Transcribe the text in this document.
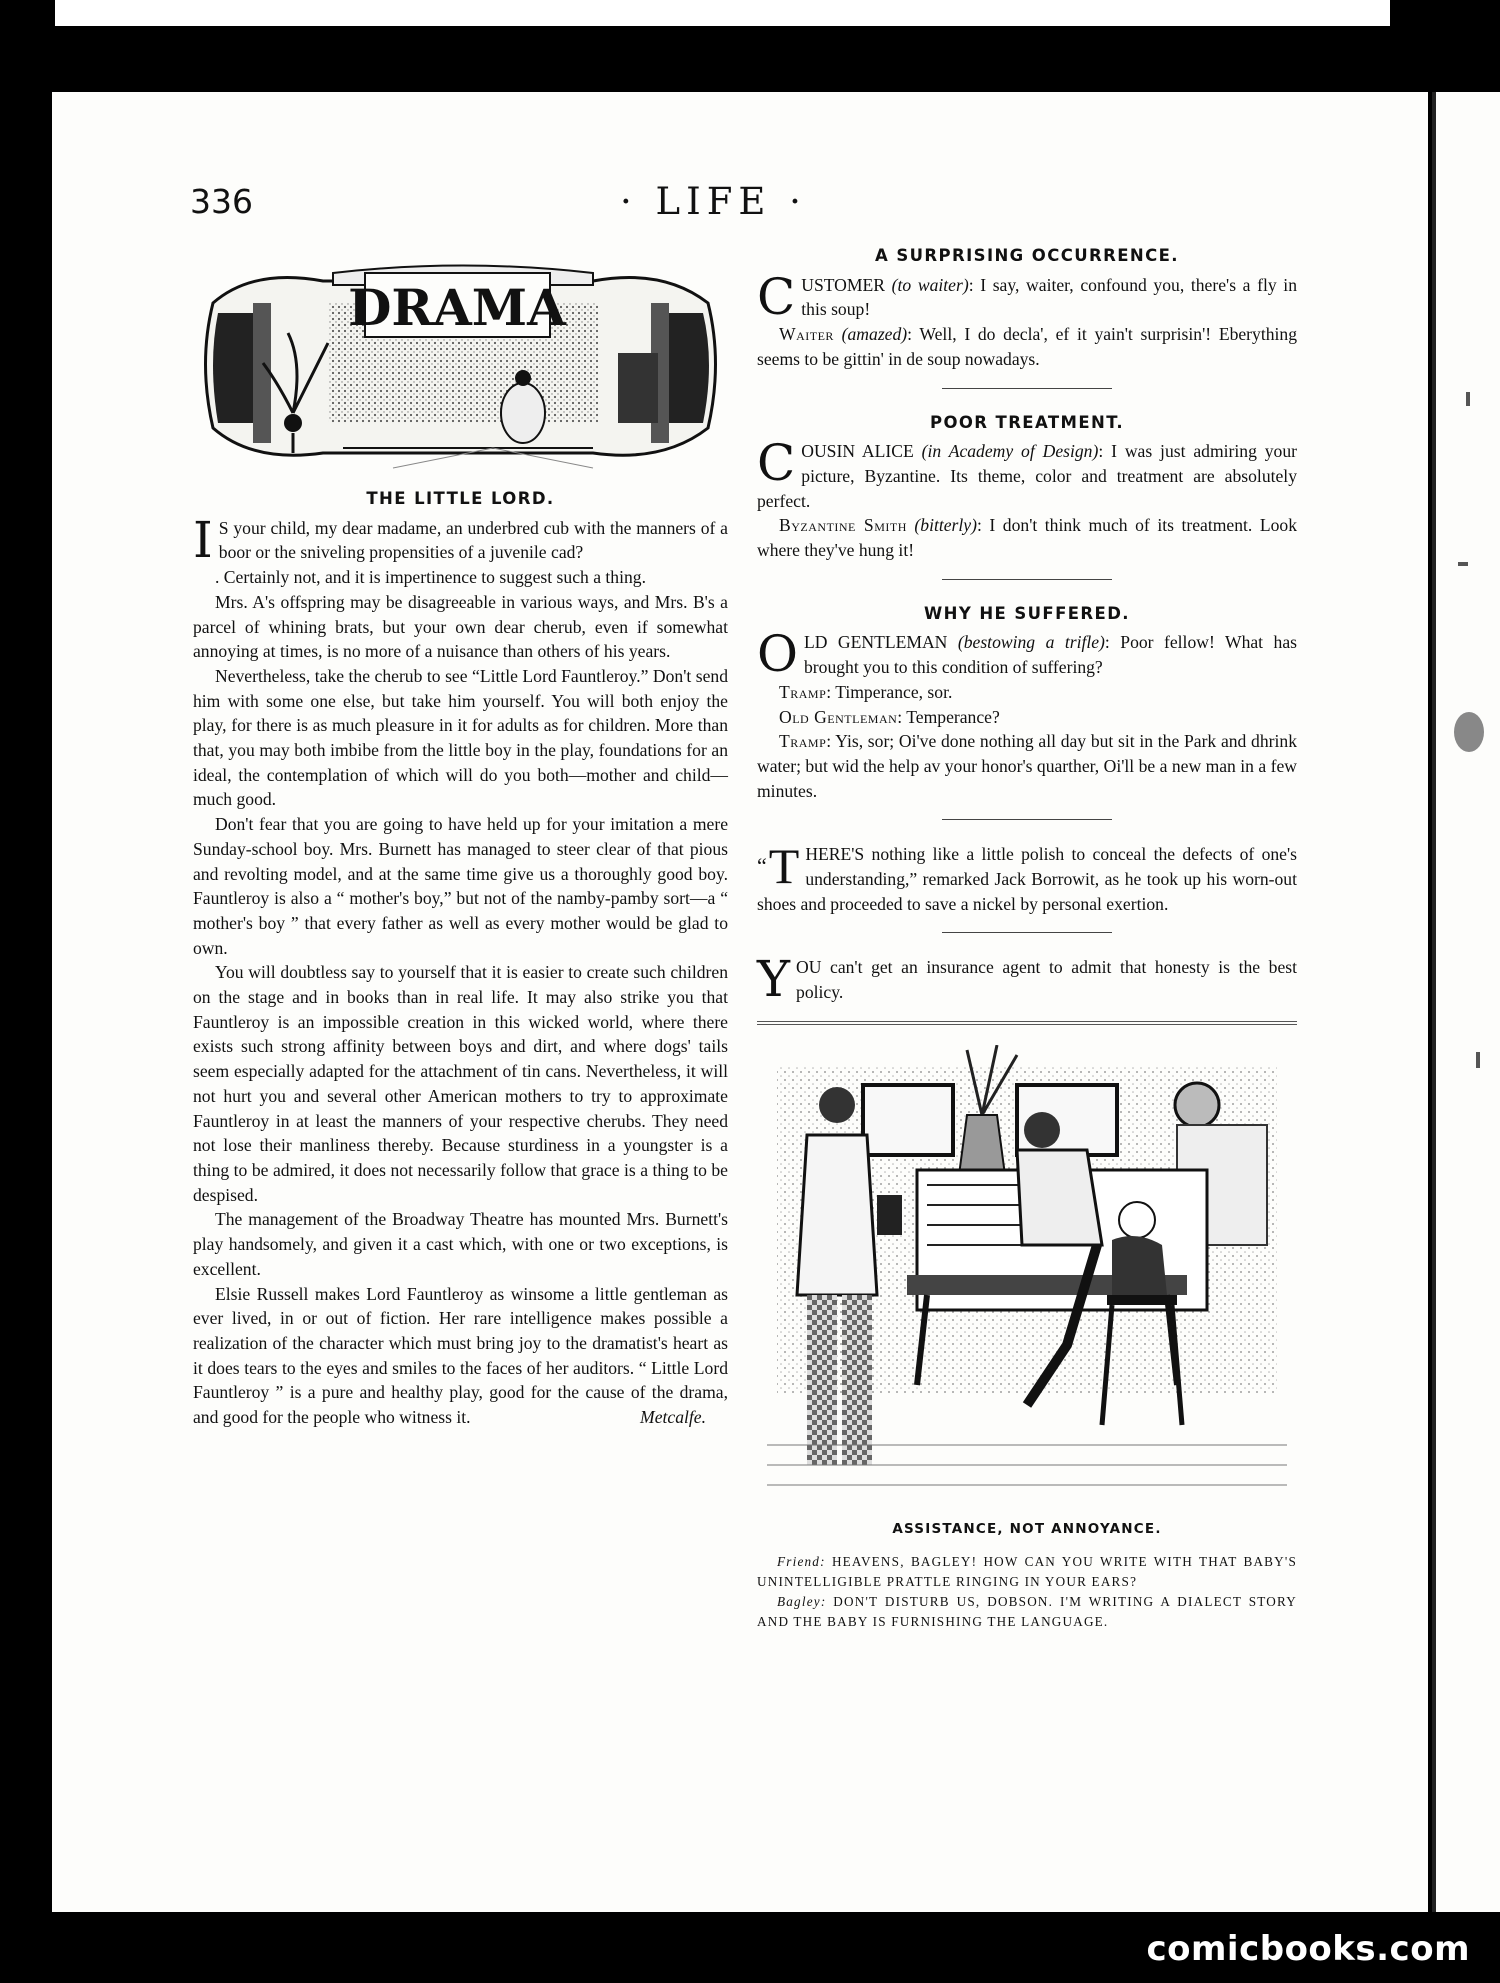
336	· LIFE ·
DRAMA
THE LITTLE LORD.

I S your child, my dear madame, an underbred cub with the manners of a boor or the sniveling propensities of a juvenile cad?

. Certainly not, and it is impertinence to suggest such a thing.

Mrs. A's offspring may be disagreeable in various ways, and Mrs. B's a parcel of whining brats, but your own dear cherub, even if somewhat annoying at times, is no more of a nuisance than others of his years.

Nevertheless, take the cherub to see “Little Lord Fauntleroy.” Don't send him with some one else, but take him yourself. You will both enjoy the play, for there is as much pleasure in it for adults as for children. More than that, you may both imbibe from the little boy in the play, foundations for an ideal, the contemplation of which will do you both—mother and child—much good.

Don't fear that you are going to have held up for your imitation a mere Sunday-school boy. Mrs. Burnett has managed to steer clear of that pious and revolting model, and at the same time give us a thoroughly good boy. Fauntleroy is also a “ mother's boy,” but not of the namby-pamby sort—a “ mother's boy ” that every father as well as every mother would be glad to own.

You will doubtless say to yourself that it is easier to create such children on the stage and in books than in real life. It may also strike you that Fauntleroy is an impossible creation in this wicked world, where there exists such strong affinity between boys and dirt, and where dogs' tails seem especially adapted for the attachment of tin cans. Nevertheless, it will not hurt you and several other American mothers to try to approximate Fauntleroy in at least the manners of your respective cherubs. They need not lose their manliness thereby. Because sturdiness in a youngster is a thing to be admired, it does not necessarily follow that grace is a thing to be despised.

The management of the Broadway Theatre has mounted Mrs. Burnett's play handsomely, and given it a cast which, with one or two exceptions, is excellent.

Elsie Russell makes Lord Fauntleroy as winsome a little gentleman as ever lived, in or out of fiction. Her rare intelligence makes possible a realization of the character which must bring joy to the dramatist's heart as it does tears to the eyes and smiles to the faces of her auditors. “ Little Lord Fauntleroy ” is a pure and healthy play, good for the cause of the drama, and good for the people who witness it.	Metcalfe.

A SURPRISING OCCURRENCE.

CUSTOMER (to waiter): I say, waiter, confound you, there's a fly in this soup!

Waiter (amazed): Well, I do decla', ef it yain't surprisin'! Eberything seems to be gittin' in de soup nowadays.

POOR TREATMENT.

COUSIN ALICE (in Academy of Design): I was just admiring your picture, Byzantine. Its theme, color and treatment are absolutely perfect.

Byzantine Smith (bitterly): I don't think much of its treatment. Look where they've hung it!

WHY HE SUFFERED.

OLD GENTLEMAN (bestowing a trifle): Poor fellow! What has brought you to this condition of suffering?

Tramp: Timperance, sor.

Old Gentleman: Temperance?

Tramp: Yis, sor; Oi've done nothing all day but sit in the Park and dhrink water; but wid the help av your honor's quarther, Oi'll be a new man in a few minutes.

“T HERE'S nothing like a little polish to conceal the defects of one's understanding,” remarked Jack Borrowit, as he took up his worn-out shoes and proceeded to save a nickel by personal exertion.

YOU can't get an insurance agent to admit that honesty is the best policy.

ASSISTANCE, NOT ANNOYANCE.

Friend: HEAVENS, BAGLEY! HOW CAN YOU WRITE WITH THAT BABY'S UNINTELLIGIBLE PRATTLE RINGING IN YOUR EARS?

Bagley: DON'T DISTURB US, DOBSON. I'M WRITING A DIALECT STORY AND THE BABY IS FURNISHING THE LANGUAGE.

comicbooks.com
